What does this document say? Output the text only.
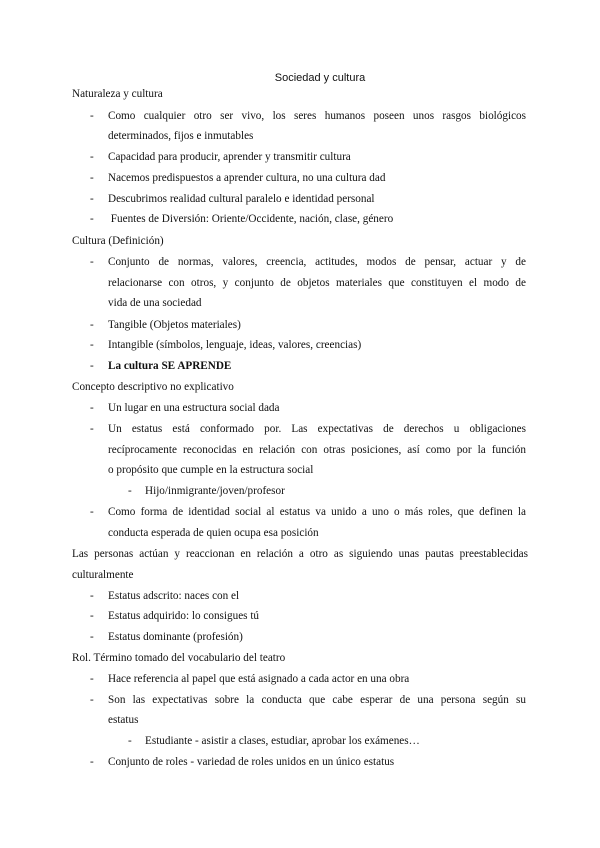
Sociedad y cultura
Naturaleza y cultura
- Como cualquier otro ser vivo, los seres humanos poseen unos rasgos biológicos
determinados, fijos e inmutables
- Capacidad para producir, aprender y transmitir cultura
- Nacemos predispuestos a aprender cultura, no una cultura dad
- Descubrimos realidad cultural paralelo e identidad personal
- Fuentes de Diversión: Oriente/Occidente, nación, clase, género
Cultura (Definición)
- Conjunto de normas, valores, creencia, actitudes, modos de pensar, actuar y de
relacionarse con otros, y conjunto de objetos materiales que constituyen el modo de
vida de una sociedad
- Tangible (Objetos materiales)
- Intangible (símbolos, lenguaje, ideas, valores, creencias)
- La cultura SE APRENDE
Concepto descriptivo no explicativo
- Un lugar en una estructura social dada
- Un estatus está conformado por. Las expectativas de derechos u obligaciones
recíprocamente reconocidas en relación con otras posiciones, así como por la función
o propósito que cumple en la estructura social
- Hijo/inmigrante/joven/profesor
- Como forma de identidad social al estatus va unido a uno o más roles, que definen la
conducta esperada de quien ocupa esa posición
Las personas actúan y reaccionan en relación a otro as siguiendo unas pautas preestablecidas
culturalmente
- Estatus adscrito: naces con el
- Estatus adquirido: lo consigues tú
- Estatus dominante (profesión)
Rol. Término tomado del vocabulario del teatro
- Hace referencia al papel que está asignado a cada actor en una obra
- Son las expectativas sobre la conducta que cabe esperar de una persona según su
estatus
- Estudiante - asistir a clases, estudiar, aprobar los exámenes…
- Conjunto de roles - variedad de roles unidos en un único estatus
